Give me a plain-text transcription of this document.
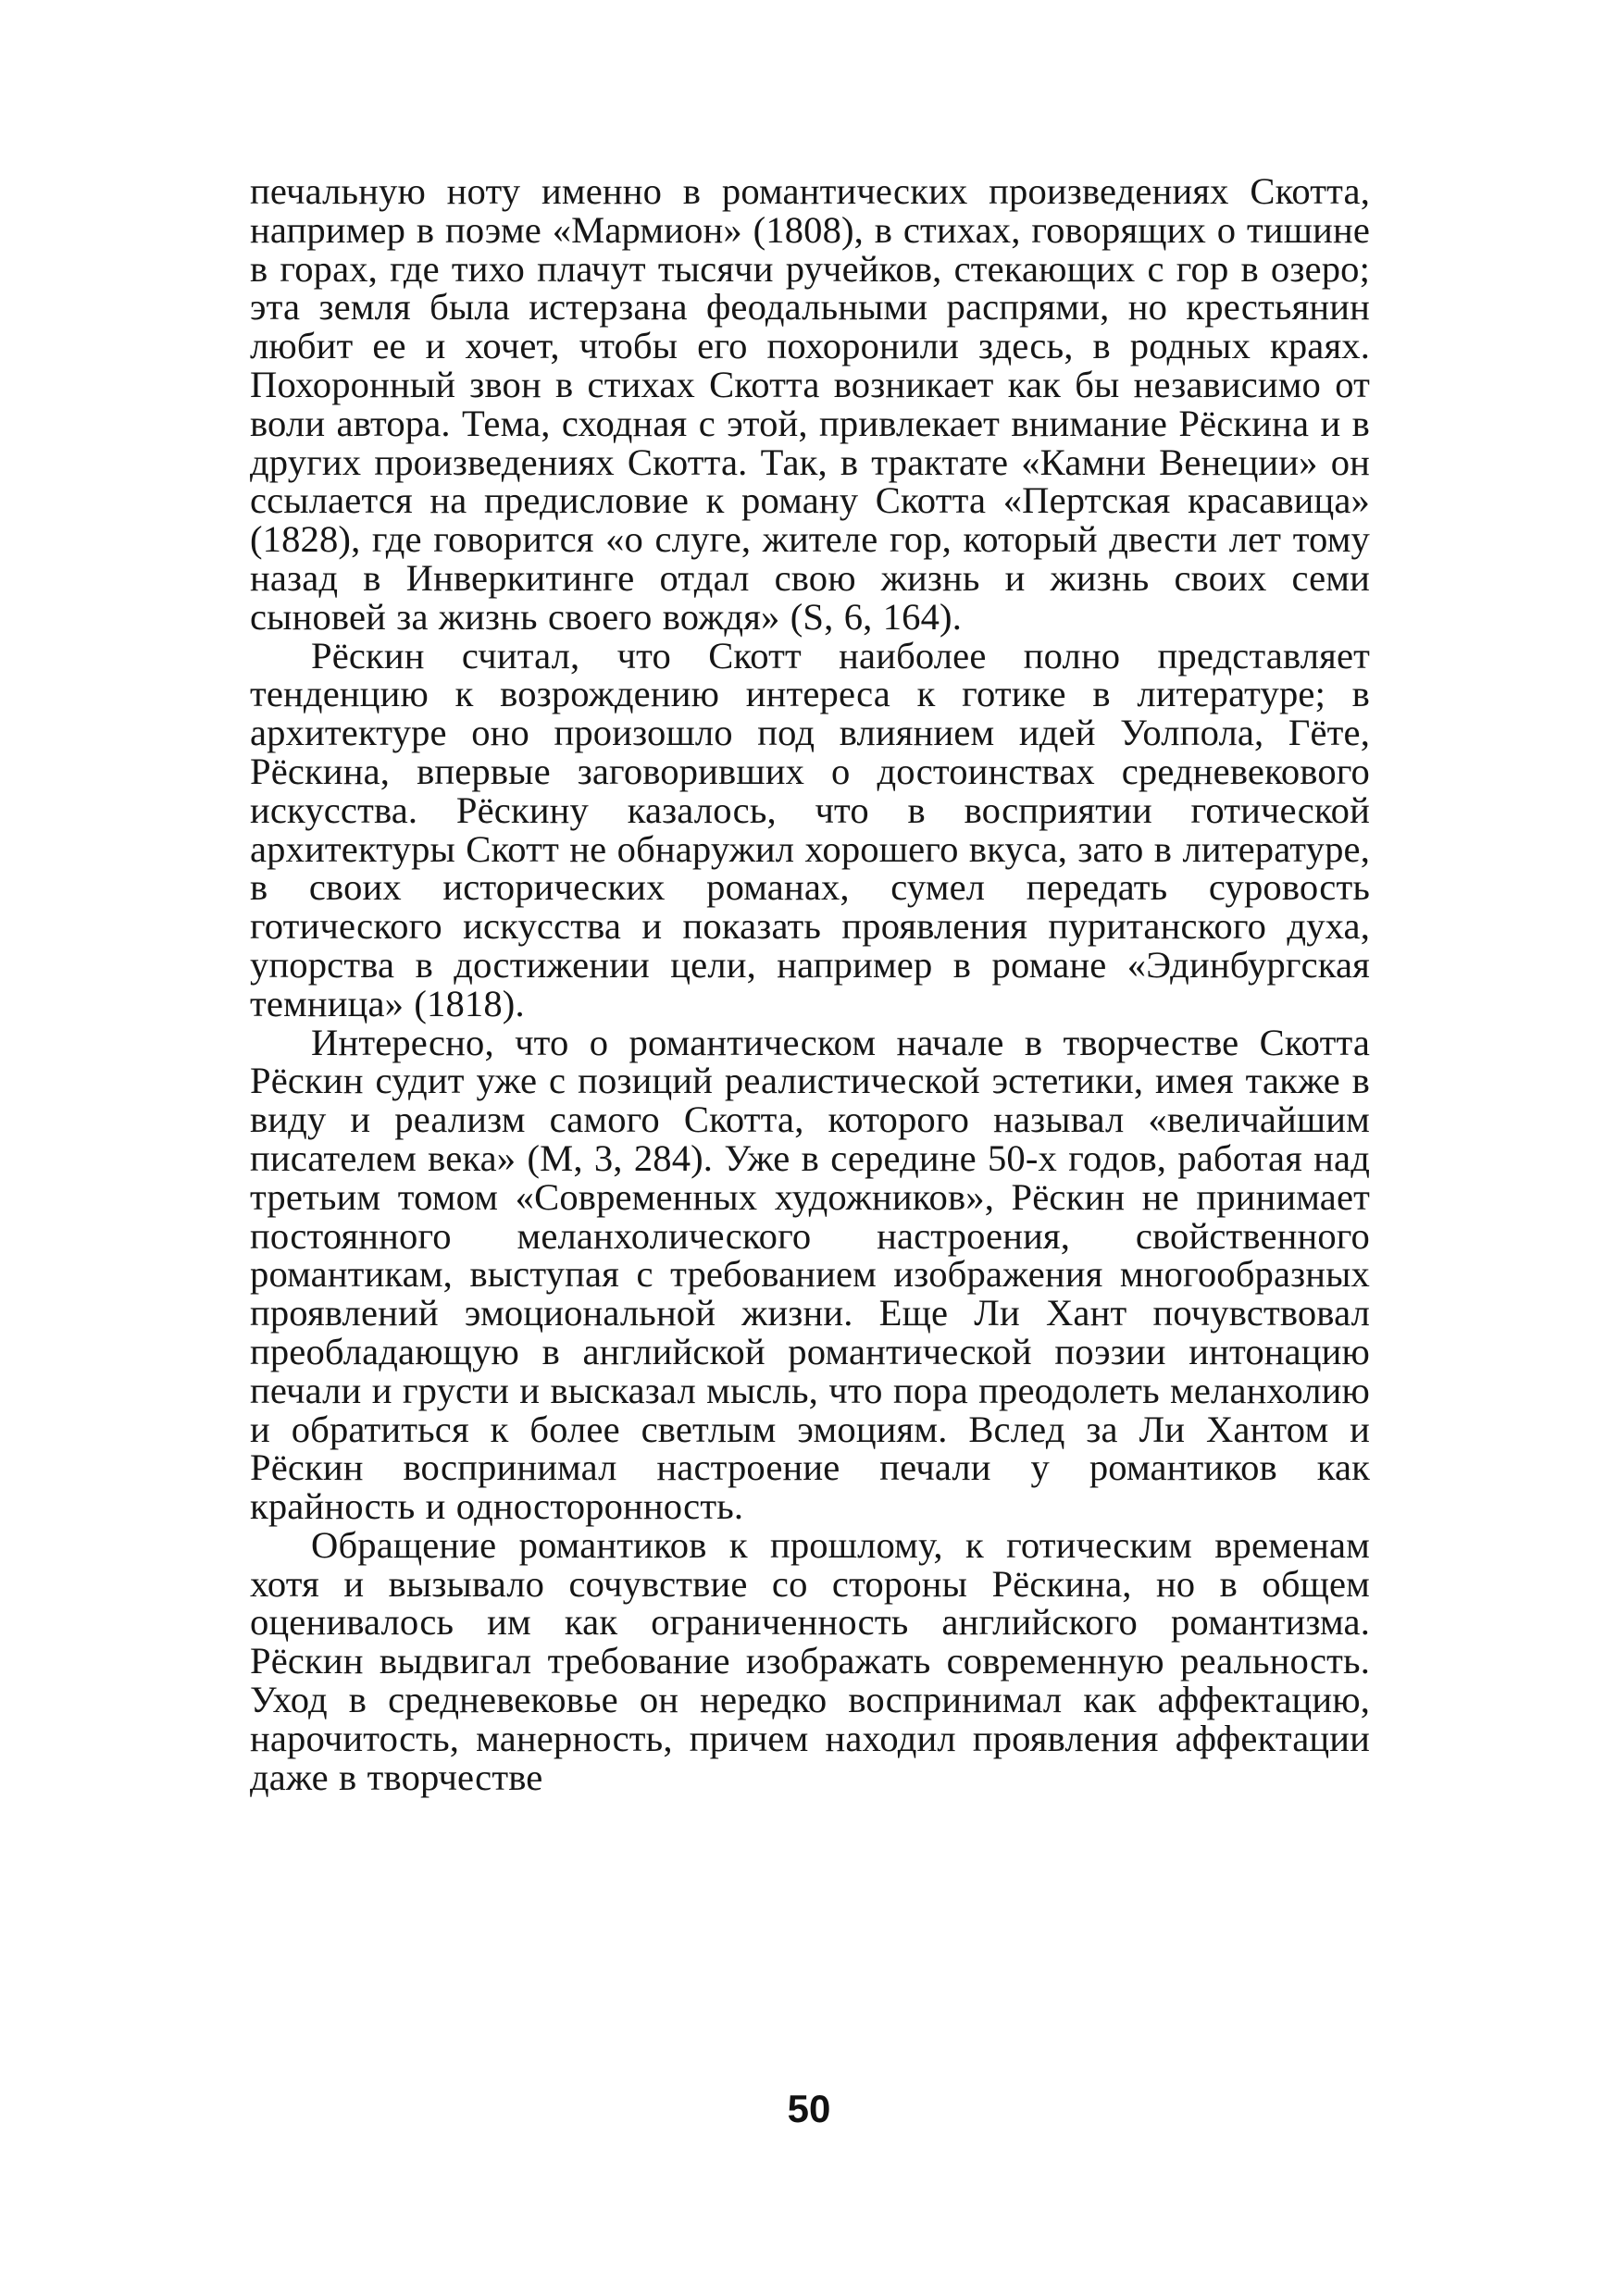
печальную ноту именно в романтических произведениях Скотта, например в поэме «Мармион» (1808), в стихах, говорящих о тишине в горах, где тихо плачут тысячи ручейков, стекающих с гор в озеро; эта земля была истерзана феодальными распрями, но крестьянин любит ее и хочет, чтобы его похоронили здесь, в родных краях. Похоронный звон в стихах Скотта возникает как бы независимо от воли автора. Тема, сходная с этой, привлекает внимание Рёскина и в других произведениях Скотта. Так, в трактате «Камни Венеции» он ссылается на предисловие к роману Скотта «Пертская красавица» (1828), где говорится «о слуге, жителе гор, который двести лет тому назад в Инверкитинге отдал свою жизнь и жизнь своих семи сыновей за жизнь своего вождя» (S, 6, 164).

Рёскин считал, что Скотт наиболее полно представляет тенденцию к возрождению интереса к готике в литературе; в архитектуре оно произошло под влиянием идей Уолпола, Гёте, Рёскина, впервые заговоривших о достоинствах средневекового искусства. Рёскину казалось, что в восприятии готической архитектуры Скотт не обнаружил хорошего вкуса, зато в литературе, в своих исторических романах, сумел передать суровость готического искусства и показать проявления пуританского духа, упорства в достижении цели, например в романе «Эдинбургская темница» (1818).

Интересно, что о романтическом начале в творчестве Скотта Рёскин судит уже с позиций реалистической эстетики, имея также в виду и реализм самого Скотта, которого называл «величайшим писателем века» (М, 3, 284). Уже в середине 50-х годов, работая над третьим томом «Современных художников», Рёскин не принимает постоянного меланхолического настроения, свойственного романтикам, выступая с требованием изображения многообразных проявлений эмоциональной жизни. Еще Ли Хант почувствовал преобладающую в английской романтической поэзии интонацию печали и грусти и высказал мысль, что пора преодолеть меланхолию и обратиться к более светлым эмоциям. Вслед за Ли Хантом и Рёскин воспринимал настроение печали у романтиков как крайность и односторонность.

Обращение романтиков к прошлому, к готическим временам хотя и вызывало сочувствие со стороны Рёскина, но в общем оценивалось им как ограниченность английского романтизма. Рёскин выдвигал требование изображать современную реальность. Уход в средневековье он нередко воспринимал как аффектацию, нарочитость, манерность, причем находил проявления аффектации даже в творчестве

50
